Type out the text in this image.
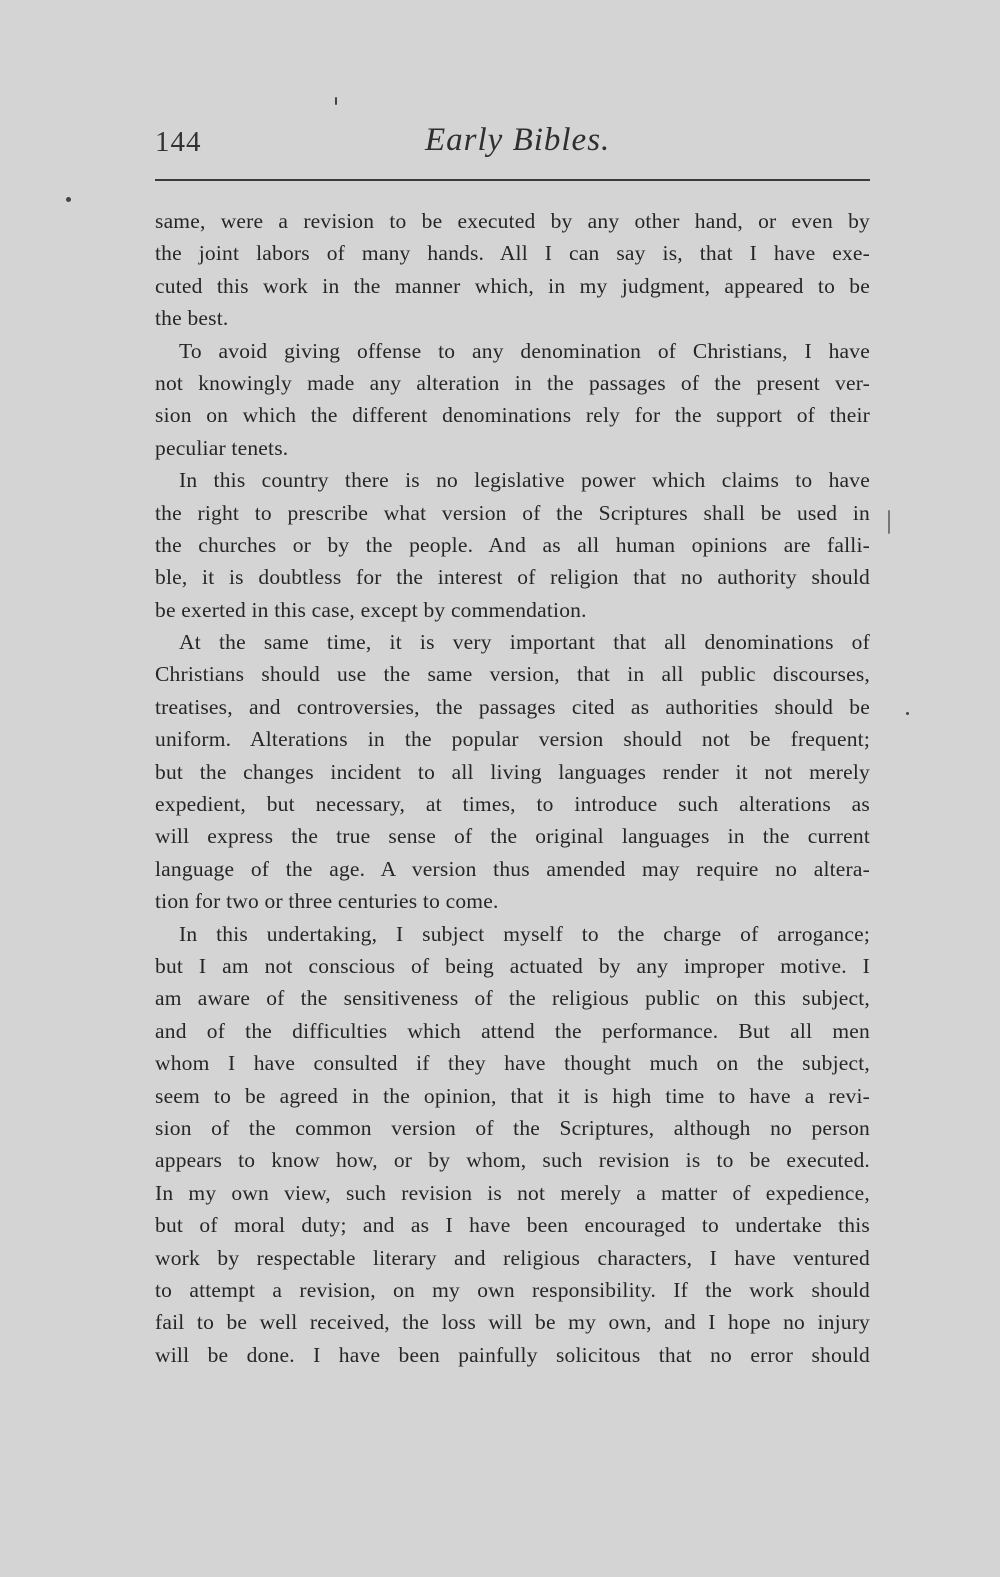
144	Early Bibles.
same, were a revision to be executed by any other hand, or even by
the joint labors of many hands. All I can say is, that I have exe-
cuted this work in the manner which, in my judgment, appeared to be
the best.
To avoid giving offense to any denomination of Christians, I have
not knowingly made any alteration in the passages of the present ver-
sion on which the different denominations rely for the support of their
peculiar tenets.
In this country there is no legislative power which claims to have
the right to prescribe what version of the Scriptures shall be used in
the churches or by the people. And as all human opinions are falli-
ble, it is doubtless for the interest of religion that no authority should
be exerted in this case, except by commendation.
At the same time, it is very important that all denominations of
Christians should use the same version, that in all public discourses,
treatises, and controversies, the passages cited as authorities should be
uniform. Alterations in the popular version should not be frequent;
but the changes incident to all living languages render it not merely
expedient, but necessary, at times, to introduce such alterations as
will express the true sense of the original languages in the current
language of the age. A version thus amended may require no altera-
tion for two or three centuries to come.
In this undertaking, I subject myself to the charge of arrogance;
but I am not conscious of being actuated by any improper motive. I
am aware of the sensitiveness of the religious public on this subject,
and of the difficulties which attend the performance. But all men
whom I have consulted if they have thought much on the subject,
seem to be agreed in the opinion, that it is high time to have a revi-
sion of the common version of the Scriptures, although no person
appears to know how, or by whom, such revision is to be executed.
In my own view, such revision is not merely a matter of expedience,
but of moral duty; and as I have been encouraged to undertake this
work by respectable literary and religious characters, I have ventured
to attempt a revision, on my own responsibility. If the work should
fail to be well received, the loss will be my own, and I hope no injury
will be done. I have been painfully solicitous that no error should
